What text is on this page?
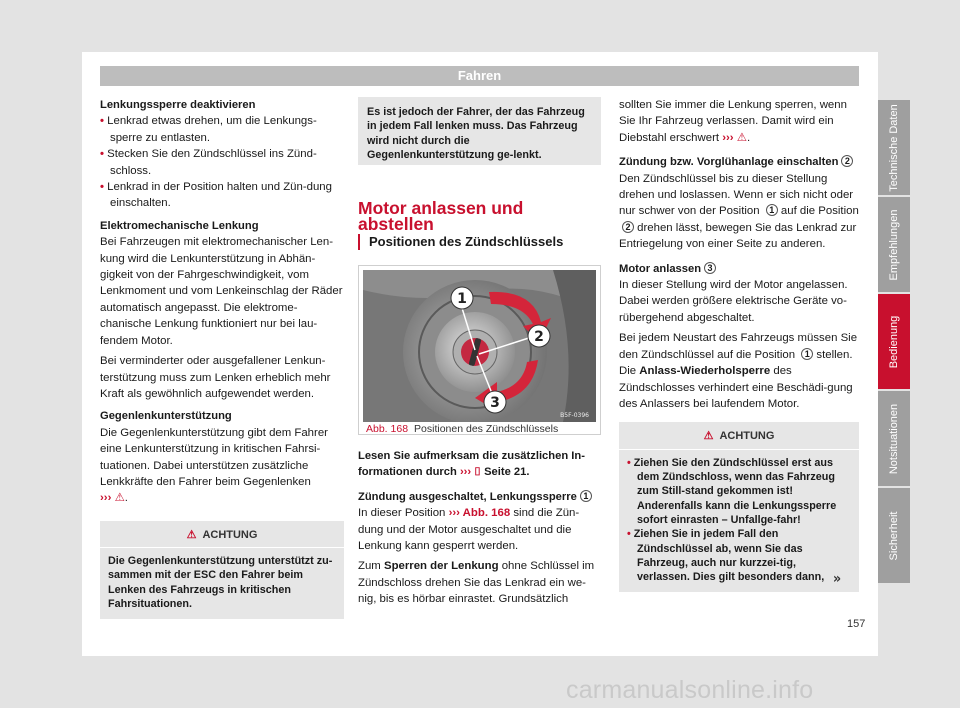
Fahren
Lenkungssperre deaktivieren
• Lenkrad etwas drehen, um die Lenkungs-sperre zu entlasten.
• Stecken Sie den Zündschlüssel ins Zünd-schloss.
• Lenkrad in der Position halten und Zün-dung einschalten.
Elektromechanische Lenkung
Bei Fahrzeugen mit elektromechanischer Len-kung wird die Lenkunterstützung in Abhän-gigkeit von der Fahrgeschwindigkeit, vom Lenkmoment und vom Lenkeinschlag der Räder automatisch angepasst. Die elektrome-chanische Lenkung funktioniert nur bei lau-fendem Motor.
Bei verminderter oder ausgefallener Lenkun-terstützung muss zum Lenken erheblich mehr Kraft als gewöhnlich aufgewendet werden.
Gegenlenkunterstützung
Die Gegenlenkunterstützung gibt dem Fahrer eine Lenkunterstützung in kritischen Fahrsi-tuationen. Dabei unterstützen zusätzliche Lenkkräfte den Fahrer beim Gegenlenken
››› ⚠.
⚠ ACHTUNG
Die Gegenlenkunterstützung unterstützt zu-sammen mit der ESC den Fahrer beim Lenken des Fahrzeugs in kritischen Fahrsituationen.
Es ist jedoch der Fahrer, der das Fahrzeug in jedem Fall lenken muss. Das Fahrzeug wird nicht durch die Gegenlenkunterstützung ge-lenkt.
Motor anlassen und abstellen
Positionen des Zündschlüssels
1
2
3
B5F-0396
Abb. 168 Positionen des Zündschlüssels
Lesen Sie aufmerksam die zusätzlichen In-formationen durch ››› ⌷ Seite 21.
Zündung ausgeschaltet, Lenkungssperre 1
In dieser Position ››› Abb. 168 sind die Zün-dung und der Motor ausgeschaltet und die Lenkung kann gesperrt werden.
Zum Sperren der Lenkung ohne Schlüssel im Zündschloss drehen Sie das Lenkrad ein we-nig, bis es hörbar einrastet. Grundsätzlich
sollten Sie immer die Lenkung sperren, wenn Sie Ihr Fahrzeug verlassen. Damit wird ein Diebstahl erschwert ››› ⚠.
Zündung bzw. Vorglühanlage einschalten 2
Den Zündschlüssel bis zu dieser Stellung drehen und loslassen. Wenn er sich nicht oder nur schwer von der Position 1 auf die Position 2 drehen lässt, bewegen Sie das Lenkrad zur Entriegelung von einer Seite zu anderen.
Motor anlassen 3
In dieser Stellung wird der Motor angelassen. Dabei werden größere elektrische Geräte vo-rübergehend abgeschaltet.
Bei jedem Neustart des Fahrzeugs müssen Sie den Zündschlüssel auf die Position 1 stellen. Die Anlass-Wiederholsperre des Zündschlosses verhindert eine Beschädi-gung des Anlassers bei laufendem Motor.
⚠ ACHTUNG
• Ziehen Sie den Zündschlüssel erst aus dem Zündschloss, wenn das Fahrzeug zum Still-stand gekommen ist! Anderenfalls kann die Lenkungssperre sofort einrasten – Unfallge-fahr!
• Ziehen Sie in jedem Fall den Zündschlüssel ab, wenn Sie das Fahrzeug, auch nur kurzzei-tig, verlassen. Dies gilt besonders dann, »
Technische Daten
Empfehlungen
Bedienung
Notsituationen
Sicherheit
157
carmanualsonline.info
